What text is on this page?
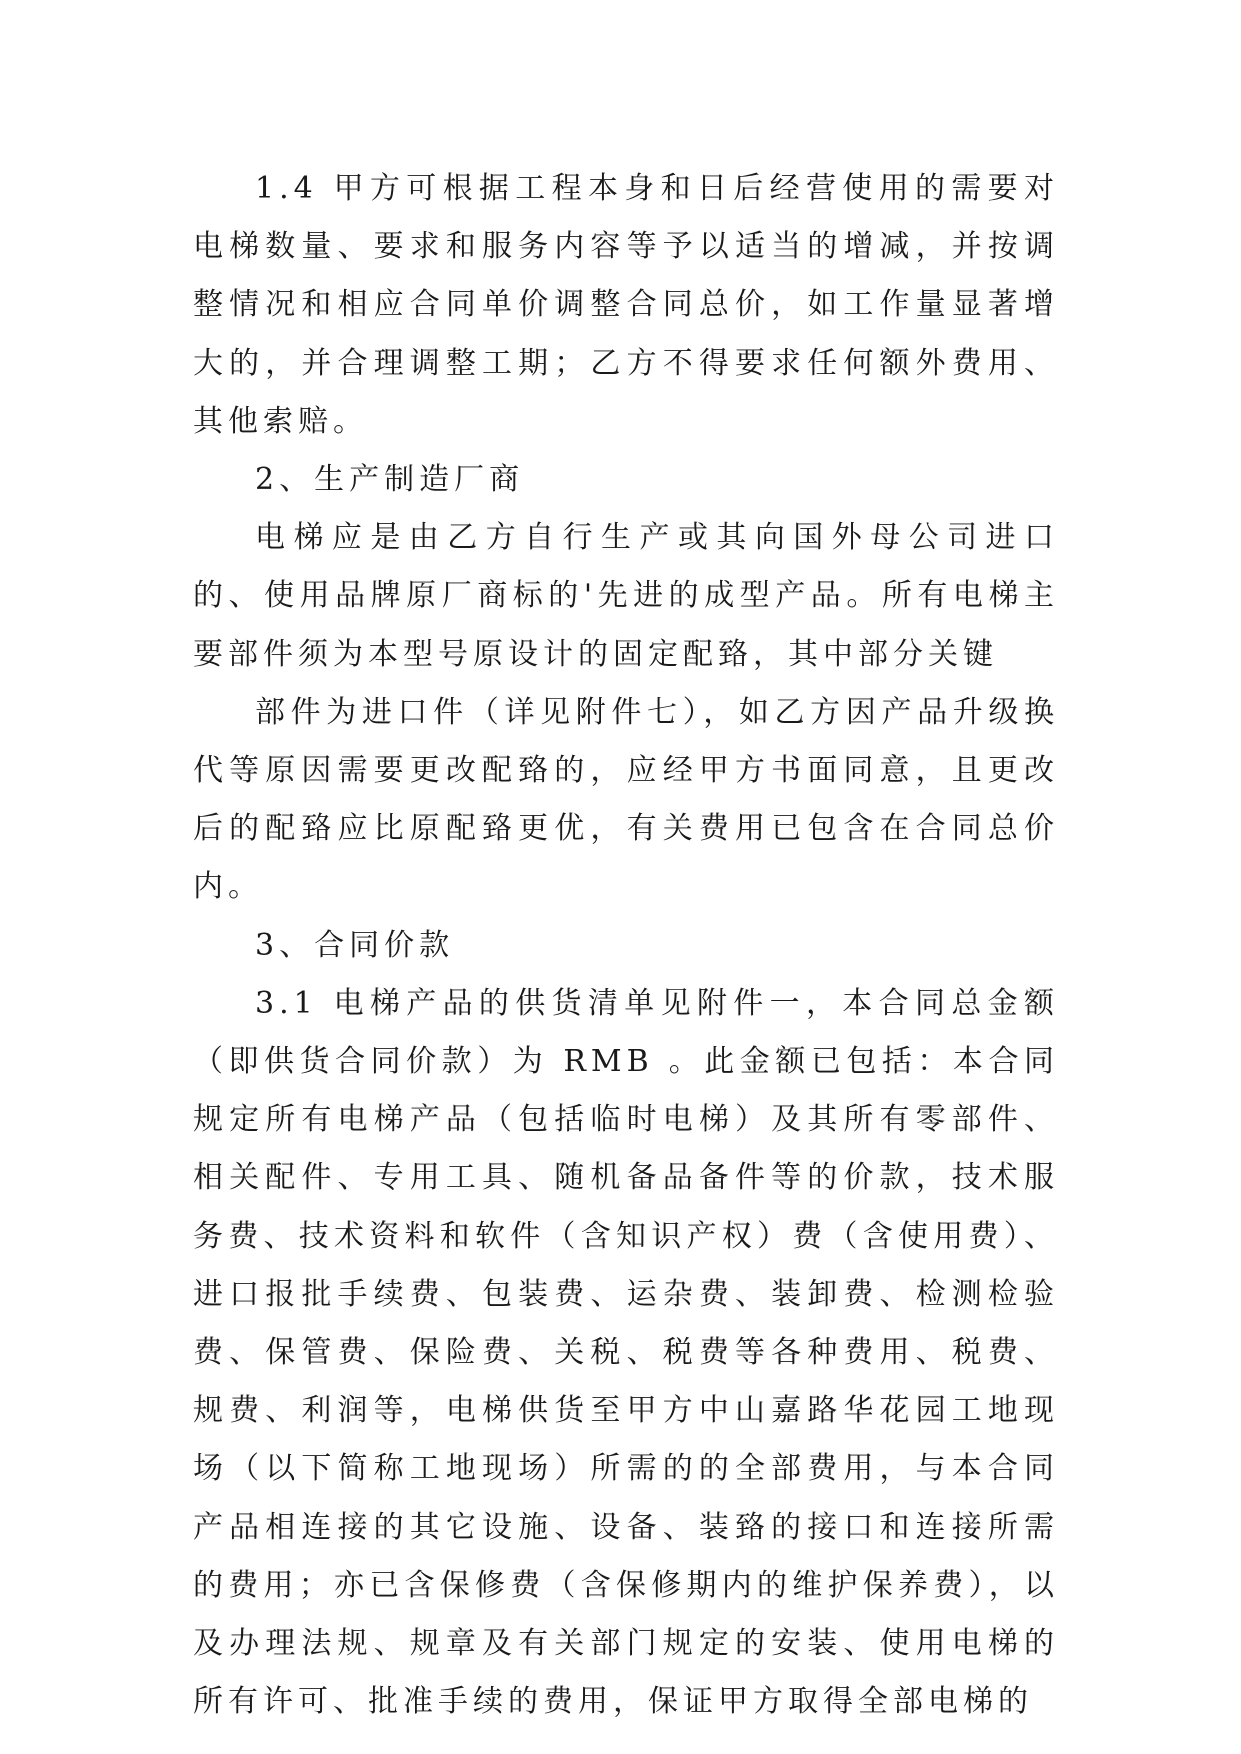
1.4 甲方可根据工程本身和日后经营使用的需要对电梯数量、要求和服务内容等予以适当的增减，并按调整情况和相应合同单价调整合同总价，如工作量显著增大的，并合理调整工期；乙方不得要求任何额外费用、其他索赔。

2、生产制造厂商

电梯应是由乙方自行生产或其向国外母公司进口的、使用品牌原厂商标的'先进的成型产品。所有电梯主要部件须为本型号原设计的固定配臵，其中部分关键

部件为进口件（详见附件七），如乙方因产品升级换代等原因需要更改配臵的，应经甲方书面同意，且更改后的配臵应比原配臵更优，有关费用已包含在合同总价内。

3、合同价款

3.1 电梯产品的供货清单见附件一，本合同总金额（即供货合同价款）为 RMB 。此金额已包括：本合同规定所有电梯产品（包括临时电梯）及其所有零部件、相关配件、专用工具、随机备品备件等的价款，技术服务费、技术资料和软件（含知识产权）费（含使用费）、进口报批手续费、包装费、运杂费、装卸费、检测检验费、保管费、保险费、关税、税费等各种费用、税费、规费、利润等，电梯供货至甲方中山嘉路华花园工地现场（以下简称工地现场）所需的的全部费用，与本合同产品相连接的其它设施、设备、装臵的接口和连接所需的费用；亦已含保修费（含保修期内的维护保养费），以及办理法规、规章及有关部门规定的安装、使用电梯的所有许可、批准手续的费用，保证甲方取得全部电梯的
